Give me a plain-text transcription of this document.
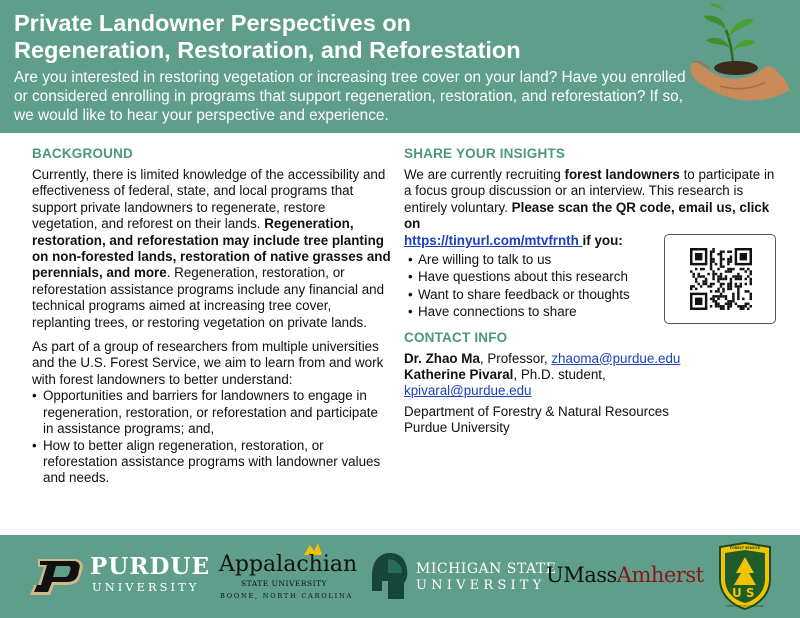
Private Landowner Perspectives on
Regeneration, Restoration, and Reforestation
Are you interested in restoring vegetation or increasing tree cover on your land? Have you enrolled or considered enrolling in programs that support regeneration, restoration, and reforestation? If so, we would like to hear your perspective and experience.
BACKGROUND
Currently, there is limited knowledge of the accessibility and effectiveness of federal, state, and local programs that support private landowners to regenerate, restore vegetation, and reforest on their lands. Regeneration, restoration, and reforestation may include tree planting on non-forested lands, restoration of native grasses and perennials, and more. Regeneration, restoration, or reforestation assistance programs include any financial and technical programs aimed at increasing tree cover, replanting trees, or restoring vegetation on private lands.
As part of a group of researchers from multiple universities and the U.S. Forest Service, we aim to learn from and work with forest landowners to better understand:
• Opportunities and barriers for landowners to engage in regeneration, restoration, or reforestation and participate in assistance programs; and,
• How to better align regeneration, restoration, or reforestation assistance programs with landowner values and needs.
SHARE YOUR INSIGHTS
We are currently recruiting forest landowners to participate in a focus group discussion or an interview. This research is entirely voluntary. Please scan the QR code, email us, click on
https://tinyurl.com/mtvfrnth if you:
• Are willing to talk to us
• Have questions about this research
• Want to share feedback or thoughts
• Have connections to share
CONTACT INFO
Dr. Zhao Ma, Professor, zhaoma@purdue.edu
Katherine Pivaral, Ph.D. student,
kpivaral@purdue.edu
Department of Forestry & Natural Resources
Purdue University
PURDUE
UNIVERSITY
Appalachian
STATE UNIVERSITY
BOONE, NORTH CAROLINA
MICHIGAN STATE
UNIVERSITY UMassAmherst
U S
FOREST SERVICE
DEPARTMENT OF AGRICULTURE
